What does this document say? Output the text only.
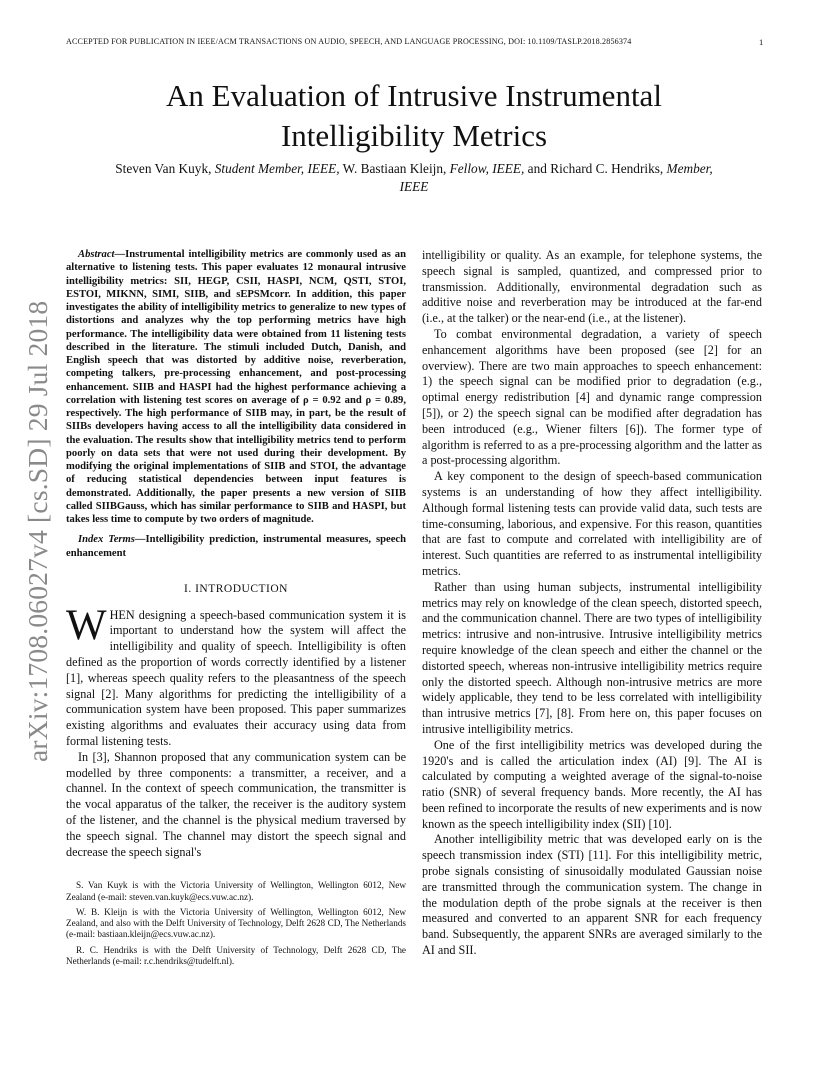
ACCEPTED FOR PUBLICATION IN IEEE/ACM TRANSACTIONS ON AUDIO, SPEECH, AND LANGUAGE PROCESSING, DOI: 10.1109/TASLP.2018.2856374	1
An Evaluation of Intrusive Instrumental
Intelligibility Metrics
Steven Van Kuyk, Student Member, IEEE, W. Bastiaan Kleijn, Fellow, IEEE, and Richard C. Hendriks, Member, IEEE
arXiv:1708.06027v4 [cs.SD] 29 Jul 2018

Abstract—Instrumental intelligibility metrics are commonly used as an alternative to listening tests. This paper evaluates 12 monaural intrusive intelligibility metrics: SII, HEGP, CSII, HASPI, NCM, QSTI, STOI, ESTOI, MIKNN, SIMI, SIIB, and sEPSMcorr. In addition, this paper investigates the ability of intelligibility metrics to generalize to new types of distortions and analyzes why the top performing metrics have high performance. The intelligibility data were obtained from 11 listening tests described in the literature. The stimuli included Dutch, Danish, and English speech that was distorted by additive noise, reverberation, competing talkers, pre-processing enhancement, and post-processing enhancement. SIIB and HASPI had the highest performance achieving a correlation with listening test scores on average of ρ = 0.92 and ρ = 0.89, respectively. The high performance of SIIB may, in part, be the result of SIIBs developers having access to all the intelligibility data considered in the evaluation. The results show that intelligibility metrics tend to perform poorly on data sets that were not used during their development. By modifying the original implementations of SIIB and STOI, the advantage of reducing statistical dependencies between input features is demonstrated. Additionally, the paper presents a new version of SIIB called SIIBGauss, which has similar performance to SIIB and HASPI, but takes less time to compute by two orders of magnitude.

Index Terms—Intelligibility prediction, instrumental measures, speech enhancement

I. INTRODUCTION

WHEN designing a speech-based communication system it is important to understand how the system will affect the intelligibility and quality of speech. Intelligibility is often defined as the proportion of words correctly identified by a listener [1], whereas speech quality refers to the pleasantness of the speech signal [2]. Many algorithms for predicting the intelligibility of a communication system have been proposed. This paper summarizes existing algorithms and evaluates their accuracy using data from formal listening tests.

In [3], Shannon proposed that any communication system can be modelled by three components: a transmitter, a receiver, and a channel. In the context of speech communication, the transmitter is the vocal apparatus of the talker, the receiver is the auditory system of the listener, and the channel is the physical medium traversed by the speech signal. The channel may distort the speech signal and decrease the speech signal's

S. Van Kuyk is with the Victoria University of Wellington, Wellington 6012, New Zealand (e-mail: steven.van.kuyk@ecs.vuw.ac.nz).

W. B. Kleijn is with the Victoria University of Wellington, Wellington 6012, New Zealand, and also with the Delft University of Technology, Delft 2628 CD, The Netherlands (e-mail: bastiaan.kleijn@ecs.vuw.ac.nz).

R. C. Hendriks is with the Delft University of Technology, Delft 2628 CD, The Netherlands (e-mail: r.c.hendriks@tudelft.nl).

intelligibility or quality. As an example, for telephone systems, the speech signal is sampled, quantized, and compressed prior to transmission. Additionally, environmental degradation such as additive noise and reverberation may be introduced at the far-end (i.e., at the talker) or the near-end (i.e., at the listener).

To combat environmental degradation, a variety of speech enhancement algorithms have been proposed (see [2] for an overview). There are two main approaches to speech enhancement: 1) the speech signal can be modified prior to degradation (e.g., optimal energy redistribution [4] and dynamic range compression [5]), or 2) the speech signal can be modified after degradation has been introduced (e.g., Wiener filters [6]). The former type of algorithm is referred to as a pre-processing algorithm and the latter as a post-processing algorithm.

A key component to the design of speech-based communication systems is an understanding of how they affect intelligibility. Although formal listening tests can provide valid data, such tests are time-consuming, laborious, and expensive. For this reason, quantities that are fast to compute and correlated with intelligibility are of interest. Such quantities are referred to as instrumental intelligibility metrics.

Rather than using human subjects, instrumental intelligibility metrics may rely on knowledge of the clean speech, distorted speech, and the communication channel. There are two types of intelligibility metrics: intrusive and non-intrusive. Intrusive intelligibility metrics require knowledge of the clean speech and either the channel or the distorted speech, whereas non-intrusive intelligibility metrics require only the distorted speech. Although non-intrusive metrics are more widely applicable, they tend to be less correlated with intelligibility than intrusive metrics [7], [8]. From here on, this paper focuses on intrusive intelligibility metrics.

One of the first intelligibility metrics was developed during the 1920's and is called the articulation index (AI) [9]. The AI is calculated by computing a weighted average of the signal-to-noise ratio (SNR) of several frequency bands. More recently, the AI has been refined to incorporate the results of new experiments and is now known as the speech intelligibility index (SII) [10].

Another intelligibility metric that was developed early on is the speech transmission index (STI) [11]. For this intelligibility metric, probe signals consisting of sinusoidally modulated Gaussian noise are transmitted through the communication system. The change in the modulation depth of the probe signals at the receiver is then measured and converted to an apparent SNR for each frequency band. Subsequently, the apparent SNRs are averaged similarly to the AI and SII.
